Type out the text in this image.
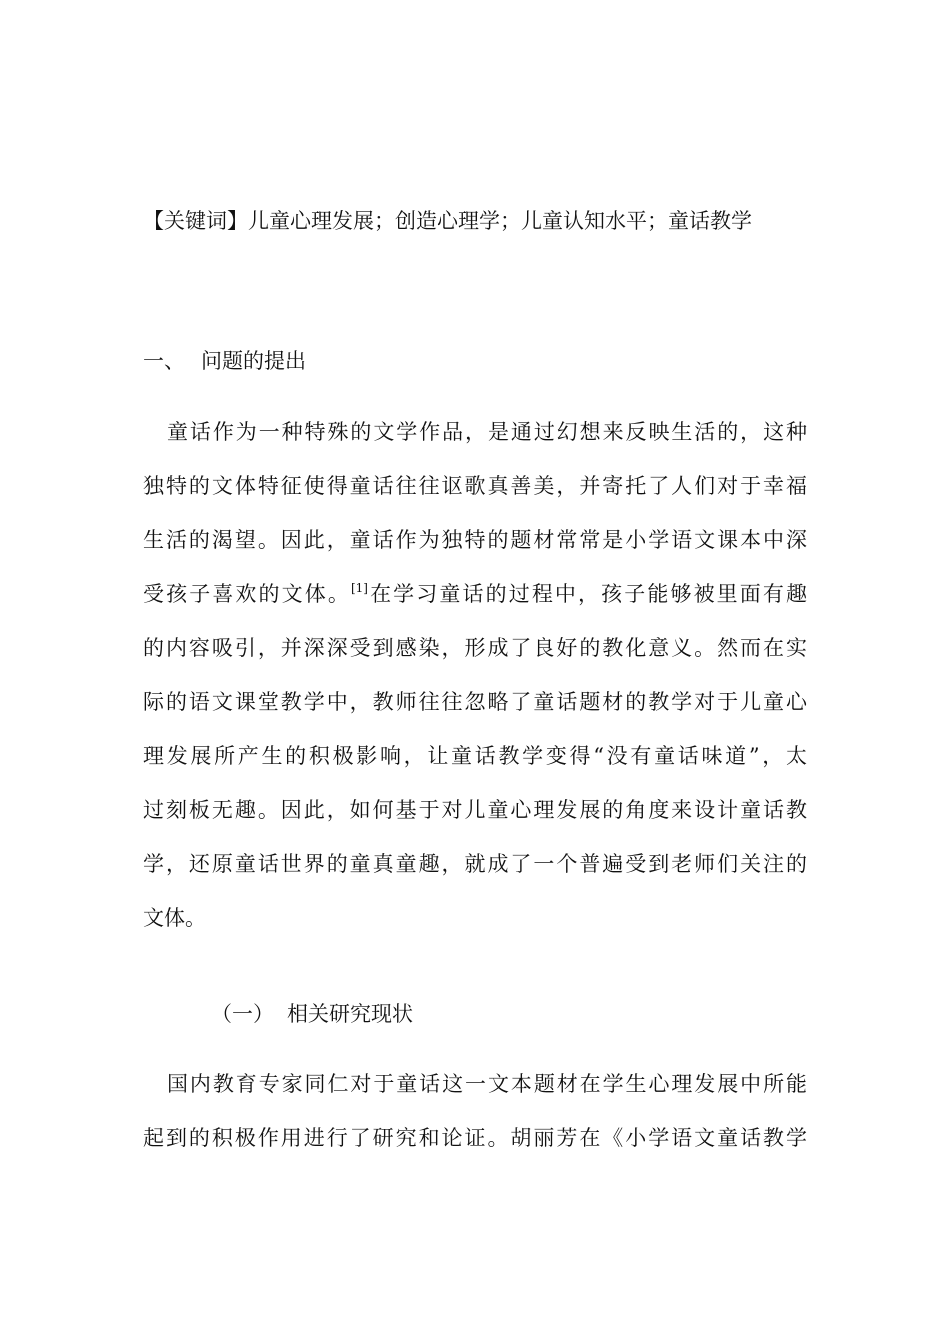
【关键词】儿童心理发展；创造心理学；儿童认知水平；童话教学
一、 问题的提出
童话作为一种特殊的文学作品，是通过幻想来反映生活的，这种
独特的文体特征使得童话往往讴歌真善美，并寄托了人们对于幸福
生活的渴望。因此，童话作为独特的题材常常是小学语文课本中深
受孩子喜欢的文体。[1]在学习童话的过程中，孩子能够被里面有趣
的内容吸引，并深深受到感染，形成了良好的教化意义。然而在实
际的语文课堂教学中，教师往往忽略了童话题材的教学对于儿童心
理发展所产生的积极影响，让童话教学变得“没有童话味道”，太
过刻板无趣。因此，如何基于对儿童心理发展的角度来设计童话教
学，还原童话世界的童真童趣，就成了一个普遍受到老师们关注的
文体。
（一） 相关研究现状
国内教育专家同仁对于童话这一文本题材在学生心理发展中所能
起到的积极作用进行了研究和论证。胡丽芳在《小学语文童话教学
